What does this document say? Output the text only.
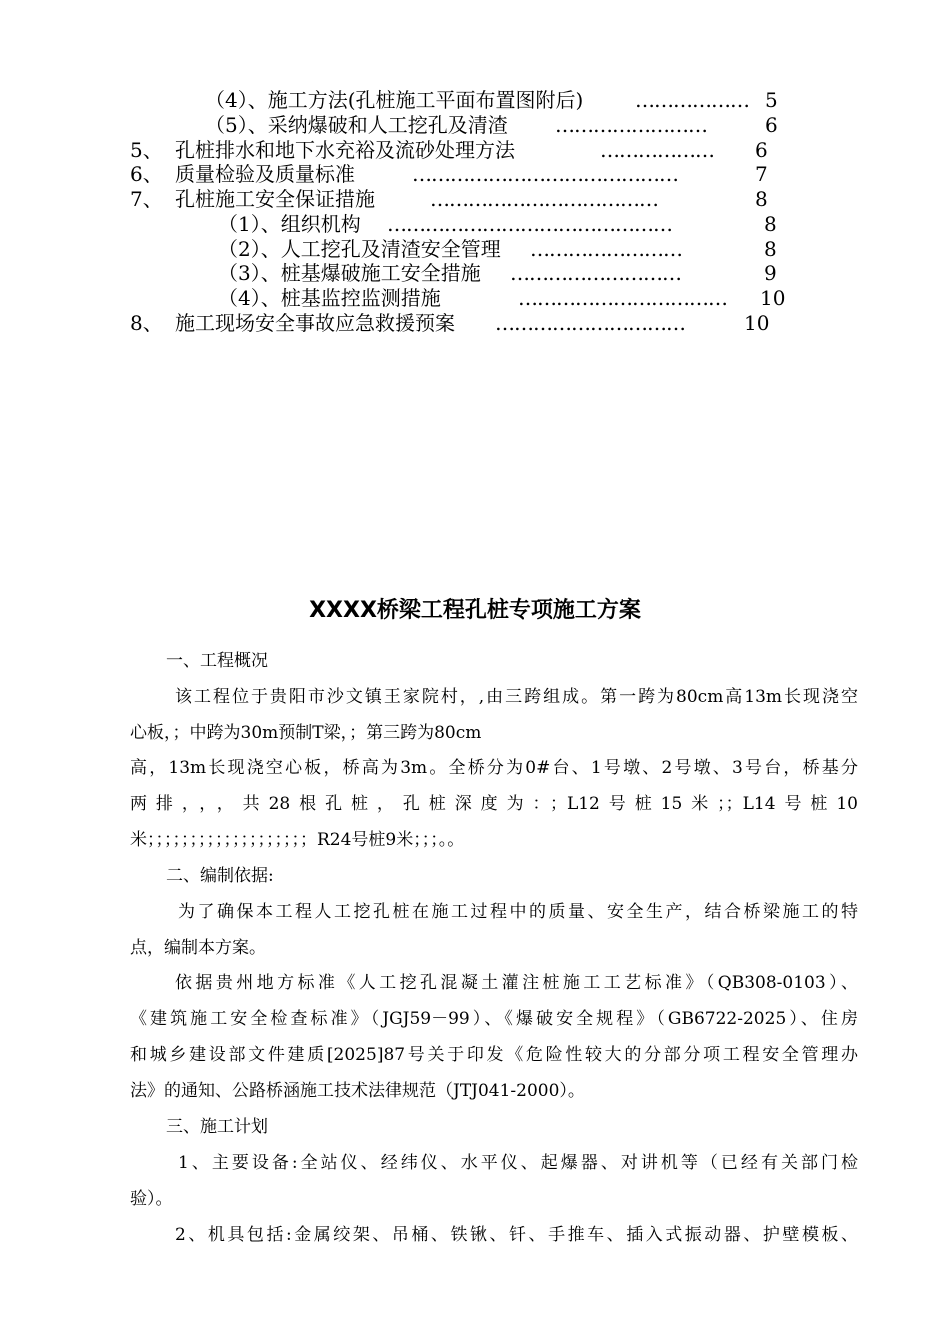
（4）、施工方法(孔桩施工平面布置图附后)	……………… 5
（5）、采纳爆破和人工挖孔及清渣 ……………………	6
5、 孔桩排水和地下水充裕及流砂处理方法	……………… 6
6、 质量检验及质量标准	……………………………………	7
7、 孔桩施工安全保证措施	………………………………	8
（1）、组织机构 ………………………………………	8
（2）、人工挖孔及清渣安全管理 ……………………	8
（3）、桩基爆破施工安全措施 ………………………	9
（4）、桩基监控监测措施	…………………………… 10
8、 施工现场安全事故应急救援预案 …………………………	10
XXXX桥梁工程孔桩专项施工方案
一、工程概况
该工程位于贵阳市沙文镇王家院村，,由三跨组成。第一跨为80cm高13m长现浇空
心板，；中跨为30m预制T梁，；第三跨为80cm
高，13m长现浇空心板，桥高为3m。全桥分为0#台、1号墩、2号墩、3号台，桥基分
两排，，，共28根孔桩，孔桩深度为：；L12号桩15米；；L14号桩10
米；；；；；；；；；；；；；；；；；；；R24号桩9米；；；。。
二、编制依据:
为了确保本工程人工挖孔桩在施工过程中的质量、安全生产，结合桥梁施工的特
点，编制本方案。
依据贵州地方标准《人工挖孔混凝土灌注桩施工工艺标准》（QB308-0103）、
《建筑施工安全检查标准》（JGJ59－99）、《爆破安全规程》（GB6722-2025）、住房
和城乡建设部文件建质[2025]87号关于印发《危险性较大的分部分项工程安全管理办
法》的通知、公路桥涵施工技术法律规范（JTJ041-2000）。
三、施工计划
1、主要设备:全站仪、经纬仪、水平仪、起爆器、对讲机等（已经有关部门检
验）。
2、机具包括:金属绞架、吊桶、铁锹、钎、手推车、插入式振动器、护壁模板、
